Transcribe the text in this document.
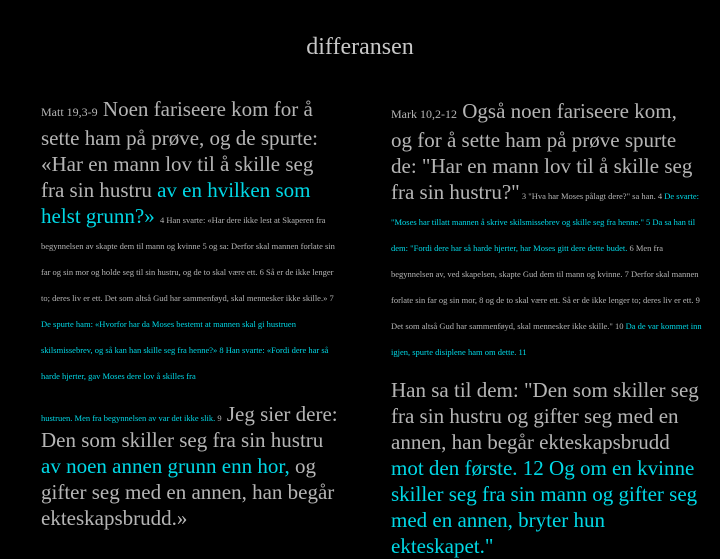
differansen
Matt 19,3-9 Noen fariseere kom for å sette ham på prøve, og de spurte: «Har en mann lov til å skille seg fra sin hustru av en hvilken som helst grunn?» 4 Han svarte: «Har dere ikke lest at Skaperen fra begynnelsen av skapte dem til mann og kvinne 5 og sa: Derfor skal mannen forlate sin far og sin mor og holde seg til sin hustru, og de to skal være ett. 6 Så er de ikke lenger to; deres liv er ett. Det som altså Gud har sammenføyd, skal mennesker ikke skille.» 7 De spurte ham: «Hvorfor har da Moses bestemt at mannen skal gi hustruen skilsmissebrev, og så kan han skille seg fra henne?» 8 Han svarte: «Fordi dere har så harde hjerter, gav Moses dere lov å skilles fra
hustruen. Men fra begynnelsen av var det ikke slik. 9 Jeg sier dere: Den som skiller seg fra sin hustru av noen annen grunn enn hor, og gifter seg med en annen, han begår ekteskapsbrudd.»
Mark 10,2-12 Også noen fariseere kom, og for å sette ham på prøve spurte de: "Har en mann lov til å skille seg fra sin hustru?" 3 "Hva har Moses pålagt dere?" sa han. 4 De svarte: "Moses har tillatt mannen å skrive skilsmissebrev og skille seg fra henne." 5 Da sa han til dem: "Fordi dere har så harde hjerter, har Moses gitt dere dette budet. 6 Men fra begynnelsen av, ved skapelsen, skapte Gud dem til mann og kvinne. 7 Derfor skal mannen forlate sin far og sin mor, 8 og de to skal være ett. Så er de ikke lenger to; deres liv er ett. 9 Det som altså Gud har sammenføyd, skal mennesker ikke skille." 10 Da de var kommet inn igjen, spurte disiplene ham om dette. 11
Han sa til dem: "Den som skiller seg fra sin hustru og gifter seg med en annen, han begår ekteskapsbrudd mot den første. 12 Og om en kvinne skiller seg fra sin mann og gifter seg med en annen, bryter hun ekteskapet."
